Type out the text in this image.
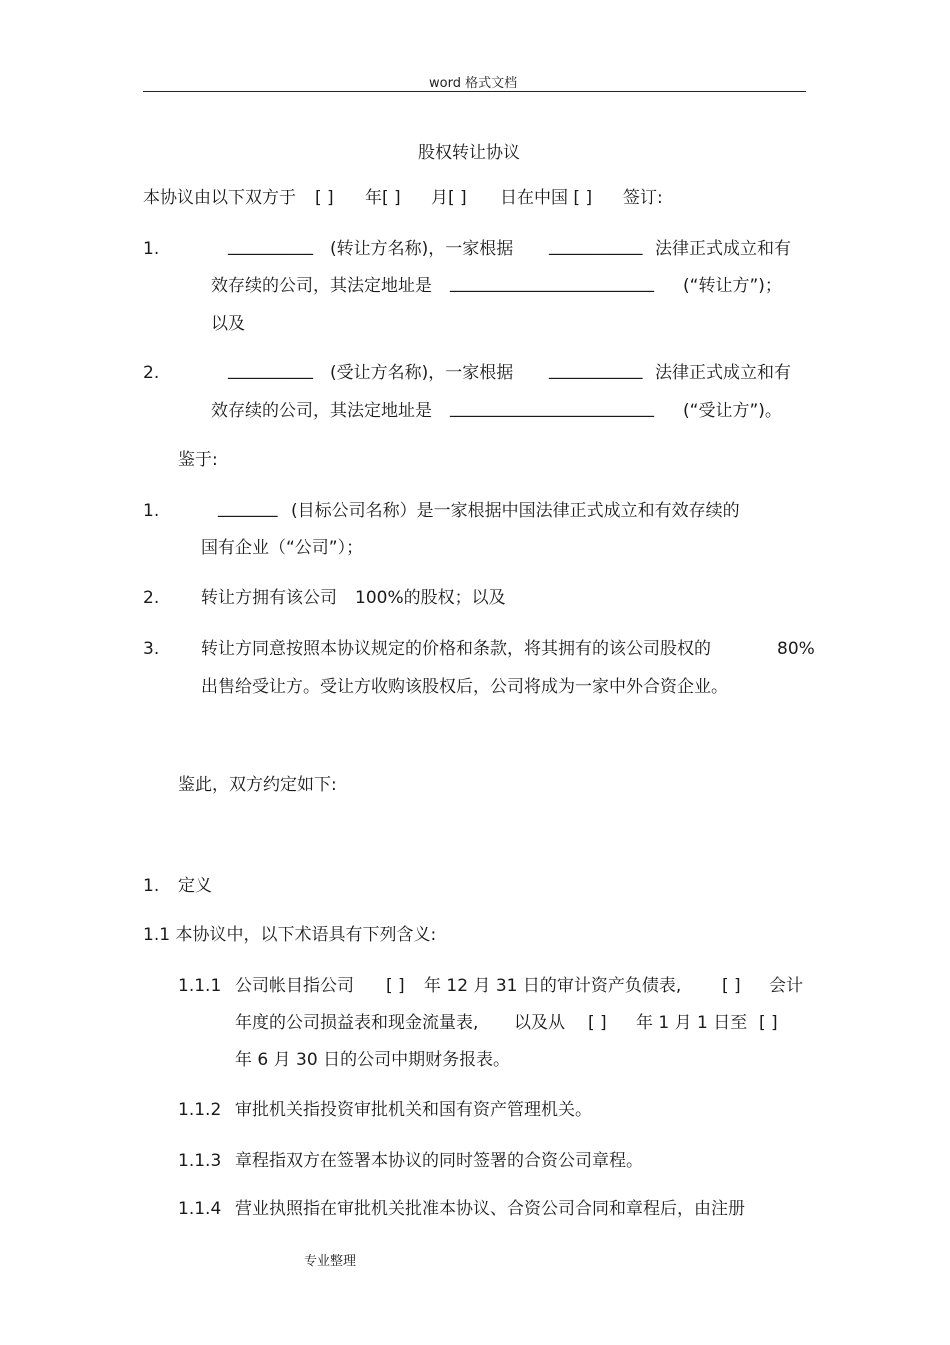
word 格式文档
股权转让协议
本协议由以下双方于 [ ] 年[ ] 月[ ] 日在中国 [ ] 签订:
1.	__________ (转让方名称)，一家根据 ___________ 法律正式成立和有
效存续的公司，其法定地址是 ________________________ (“转让方”)；
以及
2.	__________ (受让方名称)，一家根据 ___________ 法律正式成立和有
效存续的公司，其法定地址是 ________________________ (“受让方”)。
鉴于:
1.	_______ (目标公司名称）是一家根据中国法律正式成立和有效存续的
国有企业（“公司”）；
2. 转让方拥有该公司 100%的股权；以及
3. 转让方同意按照本协议规定的价格和条款，将其拥有的该公司股权的	80%
出售给受让方。受让方收购该股权后，公司将成为一家中外合资企业。
鉴此，双方约定如下:
1. 定义
1.1 本协议中，以下术语具有下列含义:
1.1.1 公司帐目指公司 [ ] 年 12 月 31 日的审计资产负债表, [ ] 会计
年度的公司损益表和现金流量表, 以及从 [ ] 年 1 月 1 日至 [ ]
年 6 月 30 日的公司中期财务报表。
1.1.2 审批机关指投资审批机关和国有资产管理机关。
1.1.3 章程指双方在签署本协议的同时签署的合资公司章程。
1.1.4 营业执照指在审批机关批准本协议、合资公司合同和章程后，由注册
专业整理
